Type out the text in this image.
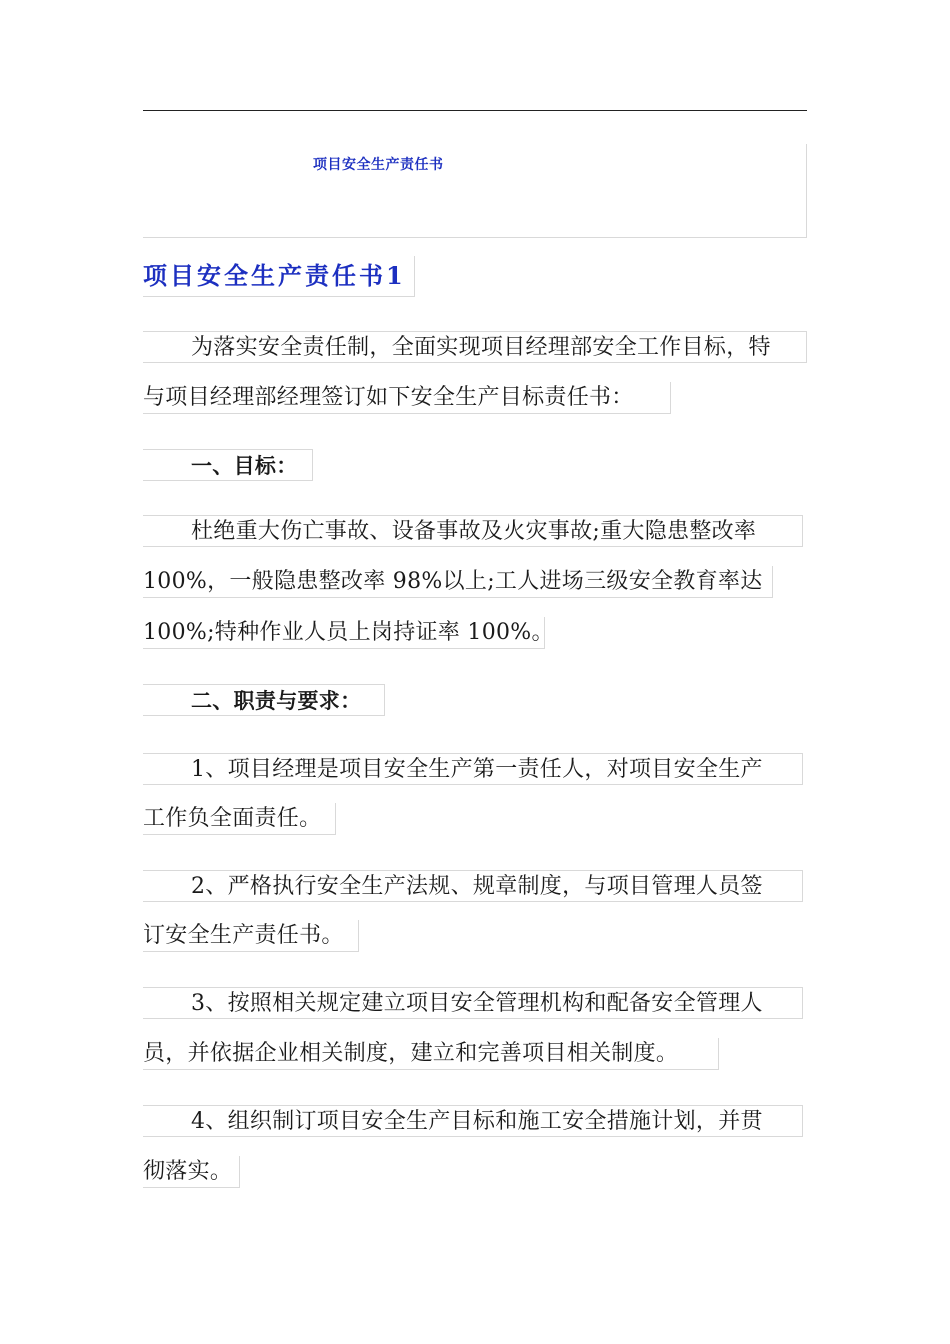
项目安全生产责任书
项目安全生产责任书1
为落实安全责任制，全面实现项目经理部安全工作目标，特
与项目经理部经理签订如下安全生产目标责任书：
一、目标：
杜绝重大伤亡事故、设备事故及火灾事故;重大隐患整改率
100%，一般隐患整改率 98%以上;工人进场三级安全教育率达
100%;特种作业人员上岗持证率 100%。
二、职责与要求：
1、项目经理是项目安全生产第一责任人，对项目安全生产
工作负全面责任。
2、严格执行安全生产法规、规章制度，与项目管理人员签
订安全生产责任书。
3、按照相关规定建立项目安全管理机构和配备安全管理人
员，并依据企业相关制度，建立和完善项目相关制度。
4、组织制订项目安全生产目标和施工安全措施计划，并贯
彻落实。
